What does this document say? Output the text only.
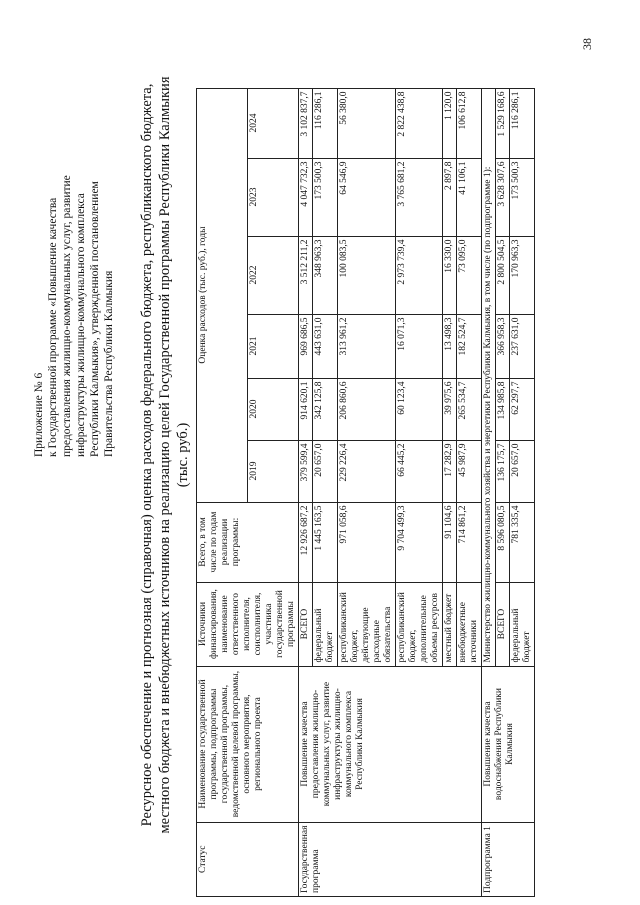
Приложение № 6 к Государственной программе «Повышение качества предоставления жилищно-коммунальных услуг, развитие инфраструктуры жилищно-коммунального комплекса Республики Калмыкия», утвержденной постановлением Правительства Республики Калмыкия Ресурсное обеспечение и прогнозная (справочная) оценка расходов федерального бюджета, республиканского бюджета, местного бюджета и внебюджетных источников на реализацию целей Государственной программы Республики Калмыкия (тыс. руб.)
38
Статус	Наименование государственной программы, подпрограммы государственной программы, ведомственной целевой программы, основного мероприятия, регионального проекта	Источники финансирования, наименование ответственного исполнителя, соисполнителя, участника государственной программы	Всего, в том числе по годам реализации программы:	Оценка расходов (тыс. руб.), годы					
				2019	2020	2021	2022	2023	2024
Государственная программа	Повышение качества предоставления жилищно-коммунальных услуг, развитие инфраструктуры жилищно-коммунального комплекса Республики Калмыкия	ВСЕГО	12 926 687,2	379 599,4	914 620,1	969 686,5	3 512 211,2	4 047 732,3	3 102 837,7
		федеральный бюджет	1 445 163,5	20 657,0	342 125,8	443 631,0	348 963,3	173 500,3	116 286,1
		республиканский бюджет, действующие расходные обязательства	971 058,6	229 226,4	206 860,6	313 961,2	100 083,5	64 546,9	56 380,0
		республиканский бюджет, дополнительные объемы ресурсов	9 704 499,3	66 445,2	60 123,4	16 071,3	2 973 739,4	3 765 681,2	2 822 438,8
		местный бюджет	91 104,6	17 282,9	39 975,6	13 498,3	16 330,0	2 897,8	1 120,0
		внебюджетные источники	714 861,2	45 987,9	265 534,7	182 524,7	73 095,0	41 106,1	106 612,8
Подпрограмма 1	Повышение качества водоснабжения Республики Калмыкия	Министерство жилищно-коммунального хозяйства и энергетики Республики Калмыкия, в том числе (по подпрограмме 1):							
		ВСЕГО	8 596 080,5	136 175,7	134 985,8	366 958,3	2 800 504,5	3 628 307,6	1 529 168,6
		федеральный бюджет	781 335,4	20 657,0	62 297,7	237 631,0	170 963,3	173 500,3	116 286,1
